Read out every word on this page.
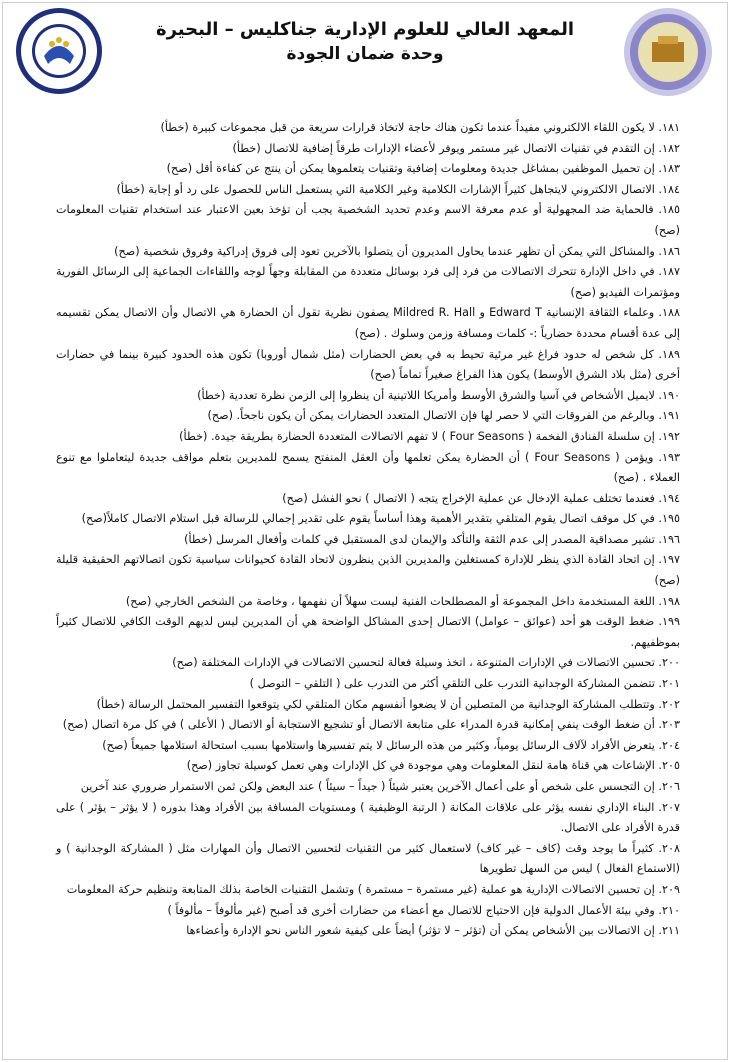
المعهد العالي للعلوم الإدارية جناكليس – البحيرة
وحدة ضمان الجودة
١٨١. لا يكون اللقاء الالكتروني مفيداً عندما تكون هناك حاجة لاتخاذ قرارات سريعة من قبل مجموعات كبيرة (خطأ)
١٨٢. إن التقدم في تقنيات الاتصال غير مستمر ويوفر لأعضاء الإدارات طرقاً إضافية للاتصال (خطأ)
١٨٣. إن تحميل الموظفين بمشاغل جديدة ومعلومات إضافية وتقنيات يتعلموها يمكن أن ينتج عن كفاءة أقل (صح)
١٨٤. الاتصال الالكتروني لايتجاهل كثيراً الإشارات الكلامية وغير الكلامية التي يستعمل الناس للحصول على رد أو إجابة (خطأ)
١٨٥. فالحماية ضد المجهولية أو عدم معرفة الاسم وعدم تحديد الشخصية يجب أن تؤخذ بعين الاعتبار عند استخدام تقنيات المعلومات (صح)
١٨٦. والمشاكل التي يمكن أن تظهر عندما يحاول المديرون أن يتصلوا بالآخرين تعود إلى فروق إدراكية وفروق شخصية (صح)
١٨٧. في داخل الإدارة تتحرك الاتصالات من فرد إلى فرد بوسائل متعددة من المقابلة وجهاً لوجه واللقاءات الجماعية إلى الرسائل الفورية ومؤتمرات الفيديو (صح)
١٨٨. وعلماء الثقافة الإنسانية Edward T و Mildred R. Hall يصفون نظرية تقول أن الحضارة هي الاتصال وأن الاتصال يمكن تقسيمه إلى عدة أقسام محددة حضارياً :- كلمات ومسافة وزمن وسلوك . (صح)
١٨٩. كل شخص له حدود فراغ غير مرئية تحيط به في بعض الحضارات (مثل شمال أوروبا) تكون هذه الحدود كبيرة بينما في حضارات أخرى (مثل بلاد الشرق الأوسط) يكون هذا الفراغ صغيراً تماماً (صح)
١٩٠. لايميل الأشخاص في آسيا والشرق الأوسط وأمريكا اللاتينية أن ينظروا إلى الزمن نظرة تعددية (خطأ)
١٩١. وبالرغم من الفروقات التي لا حصر لها فإن الاتصال المتعدد الحضارات يمكن أن يكون ناجحاً. (صح)
١٩٢. إن سلسلة الفنادق الفخمة ( Four Seasons ) لا تفهم الاتصالات المتعددة الحضارة بطريقة جيدة. (خطأ)
١٩٣. ويؤمن ( Four Seasons ) أن الحضارة يمكن تعلمها وأن العقل المنفتح يسمح للمديرين بتعلم مواقف جديدة ليتعاملوا مع تنوع العملاء . (صح)
١٩٤. فعندما تختلف عملية الإدخال عن عملية الإخراج يتجه ( الاتصال ) نحو الفشل (صح)
١٩٥. في كل موقف اتصال يقوم المتلقي بتقدير الأهمية وهذا أساساً يقوم على تقدير إجمالي للرسالة قبل استلام الاتصال كاملاً(صح)
١٩٦. تشير مصداقية المصدر إلى عدم الثقة والتأكد والإيمان لدى المستقبل في كلمات وأفعال المرسل (خطأ)
١٩٧. إن اتحاد القادة الذي ينظر للإدارة كمستغلين والمديرين الذين ينظرون لاتحاد القادة كحيوانات سياسية تكون اتصالاتهم الحقيقية قليلة (صح)
١٩٨. اللغة المستخدمة داخل المجموعة أو المصطلحات الفنية ليست سهلاً أن نفهمها ، وخاصة من الشخص الخارجي (صح)
١٩٩. ضغط الوقت هو أحد (عوائق – عوامل) الاتصال إحدى المشاكل الواضحة هي أن المديرين ليس لديهم الوقت الكافي للاتصال كثيراً بموظفيهم.
٢٠٠. تحسين الاتصالات في الإدارات المتنوعة ، اتخذ وسيلة فعالة لتحسين الاتصالات في الإدارات المختلفة (صح)
٢٠١. تتضمن المشاركة الوجدانية التدرب على التلقي أكثر من التدرب على ( التلقي – التوصل )
٢٠٢. وتتطلب المشاركة الوجدانية من المتصلين أن لا يضعوا أنفسهم مكان المتلقي لكي يتوقعوا التفسير المحتمل الرسالة (خطأ)
٢٠٣. أن ضغط الوقت ينفي إمكانية قدرة المدراء على متابعة الاتصال أو تشجيع الاستجابة أو الاتصال ( الأعلى ) في كل مرة اتصال (صح)
٢٠٤. يتعرض الأفراد لآلاف الرسائل يومياً، وكثير من هذه الرسائل لا يتم تفسيرها واستلامها بسبب استحالة استلامها جميعاً (صح)
٢٠٥. الإشاعات هي قناة هامة لنقل المعلومات وهي موجودة في كل الإدارات وهي تعمل كوسيلة تجاوز (صح)
٢٠٦. إن التجسس على شخص أو على أعمال الآخرين يعتبر شيئاً ( جيداً – سيئاً ) عند البعض ولكن ثمن الاستمرار ضروري عند آخرين
٢٠٧. البناء الإداري نفسه يؤثر على علاقات المكانة ( الرتبة الوظيفية ) ومستويات المسافة بين الأفراد وهذا بدوره ( لا يؤثر – يؤثر ) على قدرة الأفراد على الاتصال.
٢٠٨. كثيراً ما يوجد وقت (كاف – غير كاف) لاستعمال كثير من التقنيات لتحسين الاتصال وأن المهارات مثل ( المشاركة الوجدانية ) و (الاستماع الفعال ) ليس من السهل تطويرها
٢٠٩. إن تحسين الاتصالات الإدارية هو عملية (غير مستمرة – مستمرة ) وتشمل التقنيات الخاصة بذلك المتابعة وتنظيم حركة المعلومات
٢١٠. وفي بيئة الأعمال الدولية فإن الاحتياج للاتصال مع أعضاء من حضارات أخرى قد أصبح (غير مألوفاً – مألوفاً )
٢١١. إن الاتصالات بين الأشخاص يمكن أن (تؤثر – لا تؤثر) أيضاً على كيفية شعور الناس نحو الإدارة وأعضاءها
